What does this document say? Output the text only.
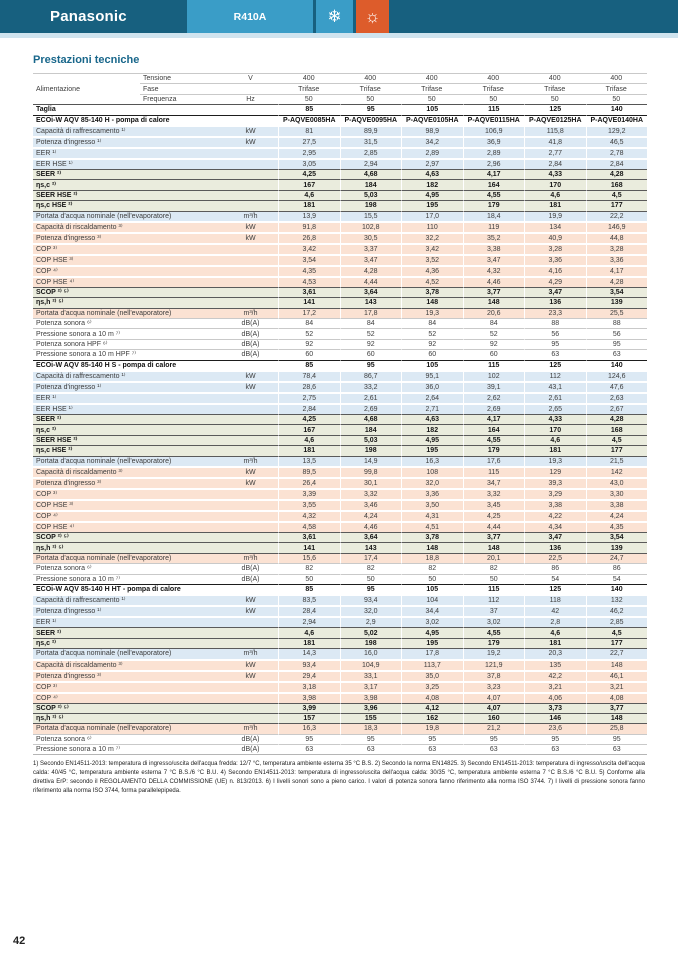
Panasonic	R410A	❄	☼
Prestazioni tecniche
Alimentazione	Tensione	V	400	400	400	400	400	400
	Fase		Trifase	Trifase	Trifase	Trifase	Trifase	Trifase
	Frequenza	Hz	50	50	50	50	50	50
Taglia			85	95	105	115	125	140
ECOi-W AQV 85-140 H - pompa di calore			P-AQVE0085HA	P-AQVE0095HA	P-AQVE0105HA	P-AQVE0115HA	P-AQVE0125HA	P-AQVE0140HA
Capacità di raffrescamento ¹⁾		kW	81	89,9	98,9	106,9	115,8	129,2
Potenza d'ingresso ¹⁾		kW	27,5	31,5	34,2	36,9	41,8	46,5
EER ¹⁾			2,95	2,85	2,89	2,89	2,77	2,78
EER HSE ¹⁾			3,05	2,94	2,97	2,96	2,84	2,84
SEER ²⁾			4,25	4,68	4,63	4,17	4,33	4,28
ηs,c ²⁾			167	184	182	164	170	168
SEER HSE ²⁾			4,6	5,03	4,95	4,55	4,6	4,5
ηs,c HSE ²⁾			181	198	195	179	181	177
Portata d'acqua nominale (nell'evaporatore)		m³/h	13,9	15,5	17,0	18,4	19,9	22,2
Capacità di riscaldamento ³⁾		kW	91,8	102,8	110	119	134	146,9
Potenza d'ingresso ³⁾		kW	26,8	30,5	32,2	35,2	40,9	44,8
COP ³⁾			3,42	3,37	3,42	3,38	3,28	3,28
COP HSE ³⁾			3,54	3,47	3,52	3,47	3,36	3,36
COP ⁴⁾			4,35	4,28	4,36	4,32	4,16	4,17
COP HSE ⁴⁾			4,53	4,44	4,52	4,46	4,29	4,28
SCOP ²⁾ ⁵⁾			3,61	3,64	3,78	3,77	3,47	3,54
ηs,h ²⁾ ⁵⁾			141	143	148	148	136	139
Portata d'acqua nominale (nell'evaporatore)		m³/h	17,2	17,8	19,3	20,6	23,3	25,5
Potenza sonora ⁶⁾		dB(A)	84	84	84	84	88	88
Pressione sonora a 10 m ⁷⁾		dB(A)	52	52	52	52	56	56
Potenza sonora HPF ⁶⁾		dB(A)	92	92	92	92	95	95
Pressione sonora a 10 m HPF ⁷⁾		dB(A)	60	60	60	60	63	63
ECOi-W AQV 85-140 H S - pompa di calore			85	95	105	115	125	140
Capacità di raffrescamento ¹⁾		kW	78,4	86,7	95,1	102	112	124,6
Potenza d'ingresso ¹⁾		kW	28,6	33,2	36,0	39,1	43,1	47,6
EER ¹⁾			2,75	2,61	2,64	2,62	2,61	2,63
EER HSE ¹⁾			2,84	2,69	2,71	2,69	2,65	2,67
SEER ²⁾			4,25	4,68	4,63	4,17	4,33	4,28
ηs,c ²⁾			167	184	182	164	170	168
SEER HSE ²⁾			4,6	5,03	4,95	4,55	4,6	4,5
ηs,c HSE ²⁾			181	198	195	179	181	177
Portata d'acqua nominale (nell'evaporatore)		m³/h	13,5	14,9	16,3	17,6	19,3	21,5
Capacità di riscaldamento ³⁾		kW	89,5	99,8	108	115	129	142
Potenza d'ingresso ³⁾		kW	26,4	30,1	32,0	34,7	39,3	43,0
COP ³⁾			3,39	3,32	3,36	3,32	3,29	3,30
COP HSE ³⁾			3,55	3,46	3,50	3,45	3,38	3,38
COP ⁴⁾			4,32	4,24	4,31	4,25	4,22	4,24
COP HSE ⁴⁾			4,58	4,46	4,51	4,44	4,34	4,35
SCOP ²⁾ ⁵⁾			3,61	3,64	3,78	3,77	3,47	3,54
ηs,h ²⁾ ⁵⁾			141	143	148	148	136	139
Portata d'acqua nominale (nell'evaporatore)		m³/h	15,6	17,4	18,8	20,1	22,5	24,7
Potenza sonora ⁶⁾		dB(A)	82	82	82	82	86	86
Pressione sonora a 10 m ⁷⁾		dB(A)	50	50	50	50	54	54
ECOi-W AQV 85-140 H HT - pompa di calore			85	95	105	115	125	140
Capacità di raffrescamento ¹⁾		kW	83,5	93,4	104	112	118	132
Potenza d'ingresso ¹⁾		kW	28,4	32,0	34,4	37	42	46,2
EER ¹⁾			2,94	2,9	3,02	3,02	2,8	2,85
SEER ²⁾			4,6	5,02	4,95	4,55	4,6	4,5
ηs,c ²⁾			181	198	195	179	181	177
Portata d'acqua nominale (nell'evaporatore)		m³/h	14,3	16,0	17,8	19,2	20,3	22,7
Capacità di riscaldamento ³⁾		kW	93,4	104,9	113,7	121,9	135	148
Potenza d'ingresso ³⁾		kW	29,4	33,1	35,0	37,8	42,2	46,1
COP ³⁾			3,18	3,17	3,25	3,23	3,21	3,21
COP ⁴⁾			3,98	3,98	4,08	4,07	4,06	4,08
SCOP ²⁾ ⁵⁾			3,99	3,96	4,12	4,07	3,73	3,77
ηs,h ²⁾ ⁵⁾			157	155	162	160	146	148
Portata d'acqua nominale (nell'evaporatore)		m³/h	16,3	18,3	19,8	21,2	23,6	25,8
Potenza sonora ⁶⁾		dB(A)	95	95	95	95	95	95
Pressione sonora a 10 m ⁷⁾		dB(A)	63	63	63	63	63	63
1) Secondo EN14511-2013: temperatura di ingresso/uscita dell'acqua fredda: 12/7 °C, temperatura ambiente esterna 35 °C B.S. 2) Secondo la norma EN14825. 3) Secondo EN14511-2013: temperatura di ingresso/uscita dell'acqua calda: 40/45 °C, temperatura ambiente esterna 7 °C B.S./6 °C B.U. 4) Secondo EN14511-2013: temperatura di ingresso/uscita dell'acqua calda: 30/35 °C, temperatura ambiente esterna 7 °C B.S./6 °C B.U. 5) Conforme alla direttiva ErP: secondo il REGOLAMENTO DELLA COMMISSIONE (UE) n. 813/2013. 6) I livelli sonori sono a pieno carico. I valori di potenza sonora fanno riferimento alla norma ISO 3744. 7) I livelli di pressione sonora fanno riferimento alla norma ISO 3744, forma parallelepipeda.
42
